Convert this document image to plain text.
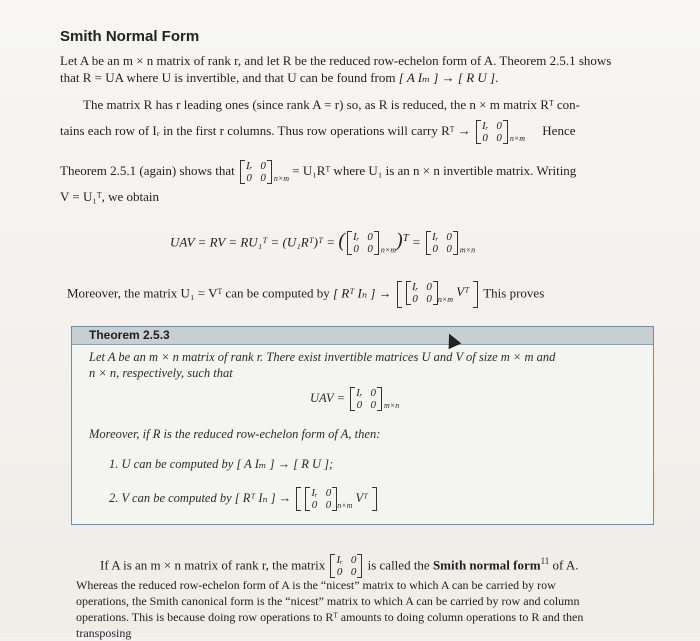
Smith Normal Form
Let A be an m × n matrix of rank r, and let R be the reduced row-echelon form of A. Theorem 2.5.1 shows
that R = UA where U is invertible, and that U can be found from [ A Iₘ ] → [ R U ].
The matrix R has r leading ones (since rank A = r) so, as R is reduced, the n × m matrix Rᵀ con-
tains each row of Iᵣ in the first r columns. Thus row operations will carry Rᵀ → Iᵣ 0
0 0 $_{n\times m}$ Hence
Theorem 2.5.1 (again) shows that Iᵣ 0
0 0 $_{n\times m}$ = U₁Rᵀ where U₁ is an n × n invertible matrix. Writing
V = U₁ᵀ, we obtain
UAV = RV = RU₁ᵀ = (U₁Rᵀ)ᵀ = ( Iᵣ 0
0 0 $_{n\times m}$)$^T$ = Iᵣ 0
0 0 $_{m\times n}$
Moreover, the matrix U₁ = Vᵀ can be computed by [ Rᵀ Iₙ ] → Iᵣ 0
0 0 $_{n\times m}$ Vᵀ This proves
Theorem 2.5.3
Let A be an m × n matrix of rank r. There exist invertible matrices U and V of size m × m and
n × n, respectively, such that
UAV = Iᵣ 0
0 0 $_{m\times n}$
Moreover, if R is the reduced row-echelon form of A, then:
1. U can be computed by [ A Iₘ ] → [ R U ];
2. V can be computed by [ Rᵀ Iₙ ] → Iᵣ 0
0 0 $_{n\times m}$ Vᵀ
If A is an m × n matrix of rank r, the matrix Iᵣ 0
0 0
is called the Smith normal form$^{11}$ of A.
Whereas the reduced row-echelon form of A is the “nicest” matrix to which A can be carried by row
operations, the Smith canonical form is the “nicest” matrix to which A can be carried by row and column
operations. This is because doing row operations to Rᵀ amounts to doing column operations to R and then
transposing
